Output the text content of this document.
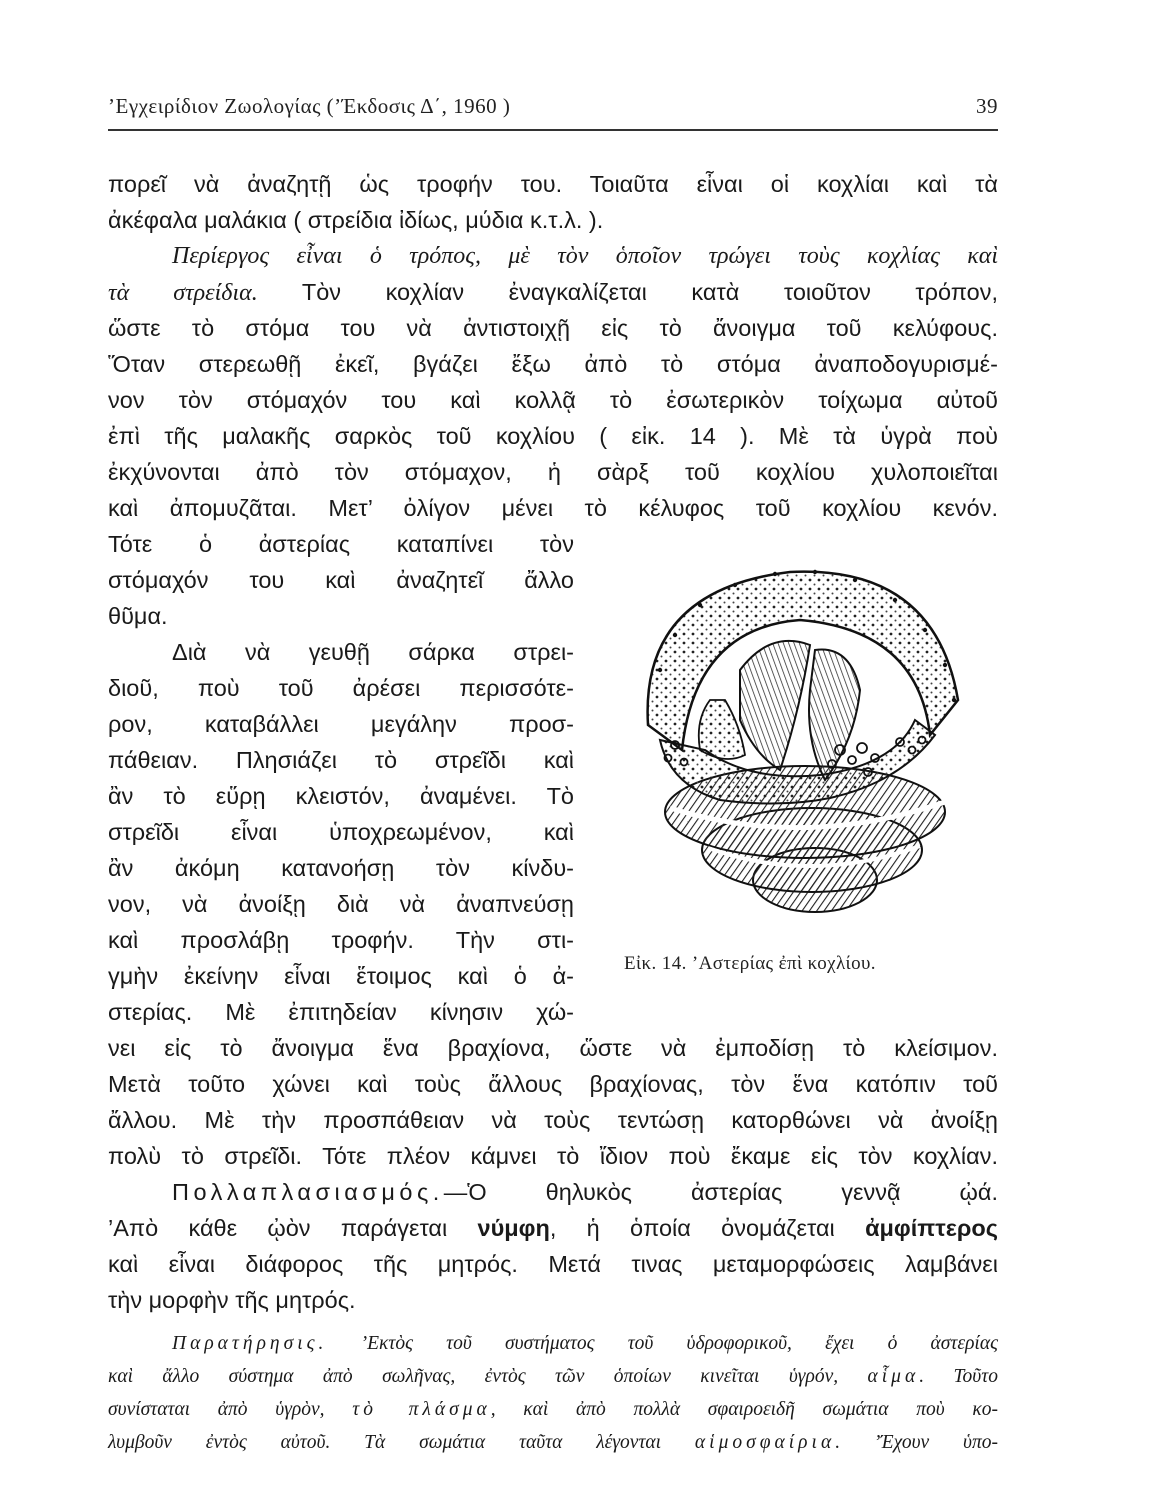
’Εγχειρίδιον Ζωολογίας (’Έκδοσις Δ΄, 1960 )	39
πορεῖ νὰ ἀναζητῇ ὡς τροφήν του. Τοιαῦτα εἶναι οἱ κοχλίαι καὶ τὰ
ἀκέφαλα μαλάκια ( στρείδια ἰδίως, μύδια κ.τ.λ. ).
Περίεργος εἶναι ὁ τρόπος, μὲ τὸν ὁποῖον τρώγει τοὺς κοχλίας καὶ
τὰ στρείδια. Τὸν κοχλίαν ἐναγκαλίζεται κατὰ τοιοῦτον τρόπον,
ὥστε τὸ στόμα του νὰ ἀντιστοιχῇ εἰς τὸ ἄνοιγμα τοῦ κελύφους.
Ὅταν στερεωθῇ ἐκεῖ, βγάζει ἔξω ἀπὸ τὸ στόμα ἀναποδογυρισμέ-
νον τὸν στόμαχόν του καὶ κολλᾷ τὸ ἐσωτερικὸν τοίχωμα αὐτοῦ
ἐπὶ τῆς μαλακῆς σαρκὸς τοῦ κοχλίου ( εἰκ. 14 ). Μὲ τὰ ὑγρὰ ποὺ
ἐκχύνονται ἀπὸ τὸν στόμαχον, ἡ σὰρξ τοῦ κοχλίου χυλοποιεῖται
καὶ ἀπομυζᾶται. Μετ’ ὀλίγον μένει τὸ κέλυφος τοῦ κοχλίου κενόν.
Τότε ὁ ἀστερίας καταπίνει τὸν
στόμαχόν του καὶ ἀναζητεῖ ἄλλο
θῦμα.
Διὰ νὰ γευθῇ σάρκα στρει-
διοῦ, ποὺ τοῦ ἀρέσει περισσότε-
ρον, καταβάλλει μεγάλην προσ-
πάθειαν. Πλησιάζει τὸ στρεῖδι καὶ
ἂν τὸ εὕρῃ κλειστόν, ἀναμένει. Τὸ
στρεῖδι εἶναι ὑποχρεωμένον, καὶ
ἂν ἀκόμη κατανοήσῃ τὸν κίνδυ-
νον, νὰ ἀνοίξῃ διὰ νὰ ἀναπνεύσῃ
καὶ προσλάβῃ τροφήν. Τὴν στι-
γμὴν ἐκείνην εἶναι ἕτοιμος καὶ ὁ ἀ-
στερίας. Μὲ ἐπιτηδείαν κίνησιν χώ-
νει εἰς τὸ ἄνοιγμα ἕνα βραχίονα, ὥστε νὰ ἐμποδίσῃ τὸ κλείσιμον.
Μετὰ τοῦτο χώνει καὶ τοὺς ἄλλους βραχίονας, τὸν ἕνα κατόπιν τοῦ
ἄλλου. Μὲ τὴν προσπάθειαν νὰ τοὺς τεντώσῃ κατορθώνει νὰ ἀνοίξῃ
πολὺ τὸ στρεῖδι. Τότε πλέον κάμνει τὸ ἴδιον ποὺ ἔκαμε εἰς τὸν κοχλίαν.
Πολλαπλασιασμός.—Ὁ θηλυκὸς ἀστερίας γεννᾷ ᾠά.
’Απὸ κάθε ᾠὸν παράγεται νύμφη, ἡ ὁποία ὀνομάζεται ἀμφίπτερος
καὶ εἶναι διάφορος τῆς μητρός. Μετά τινας μεταμορφώσεις λαμβάνει
τὴν μορφὴν τῆς μητρός.
Παρατήρησις. ’Εκτὸς τοῦ συστήματος τοῦ ὑδροφορικοῦ, ἔχει ὁ ἀστερίας
καὶ ἄλλο σύστημα ἀπὸ σωλῆνας, ἐντὸς τῶν ὁποίων κινεῖται ὑγρόν, αἷμα. Τοῦτο
συνίσταται ἀπὸ ὑγρὸν, τὸ πλάσμα, καὶ ἀπὸ πολλὰ σφαιροειδῆ σωμάτια ποὺ κο-
λυμβοῦν ἐντὸς αὐτοῦ. Τὰ σωμάτια ταῦτα λέγονται αἱμοσφαίρια. ’Έχουν ὑπο-
Εἰκ. 14. ’Αστερίας ἐπὶ κοχλίου.
